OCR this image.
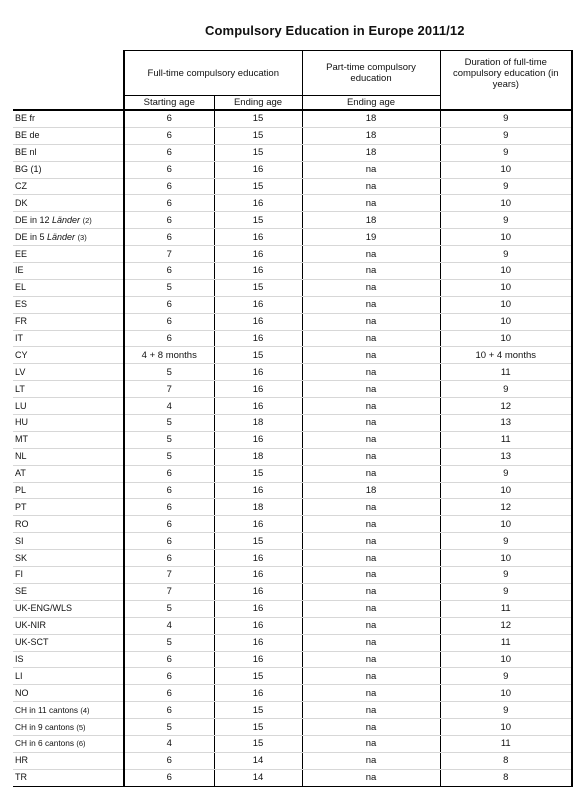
Compulsory Education in Europe 2011/12
	Full-time compulsory education		Part-time compulsory education	Duration of full-time compulsory education (in years)
	Starting age	Ending age	Ending age	
BE fr	6	15	18	9
BE de	6	15	18	9
BE nl	6	15	18	9
BG (1)	6	16	na	10
CZ	6	15	na	9
DK	6	16	na	10
DE in 12 Länder (2)	6	15	18	9
DE in 5 Länder (3)	6	16	19	10
EE	7	16	na	9
IE	6	16	na	10
EL	5	15	na	10
ES	6	16	na	10
FR	6	16	na	10
IT	6	16	na	10
CY	4 + 8 months	15	na	10 + 4 months
LV	5	16	na	11
LT	7	16	na	9
LU	4	16	na	12
HU	5	18	na	13
MT	5	16	na	11
NL	5	18	na	13
AT	6	15	na	9
PL	6	16	18	10
PT	6	18	na	12
RO	6	16	na	10
SI	6	15	na	9
SK	6	16	na	10
FI	7	16	na	9
SE	7	16	na	9
UK-ENG/WLS	5	16	na	11
UK-NIR	4	16	na	12
UK-SCT	5	16	na	11
IS	6	16	na	10
LI	6	15	na	9
NO	6	16	na	10
CH in 11 cantons (4)	6	15	na	9
CH in 9 cantons (5)	5	15	na	10
CH in 6 cantons (6)	4	15	na	11
HR	6	14	na	8
TR	6	14	na	8
